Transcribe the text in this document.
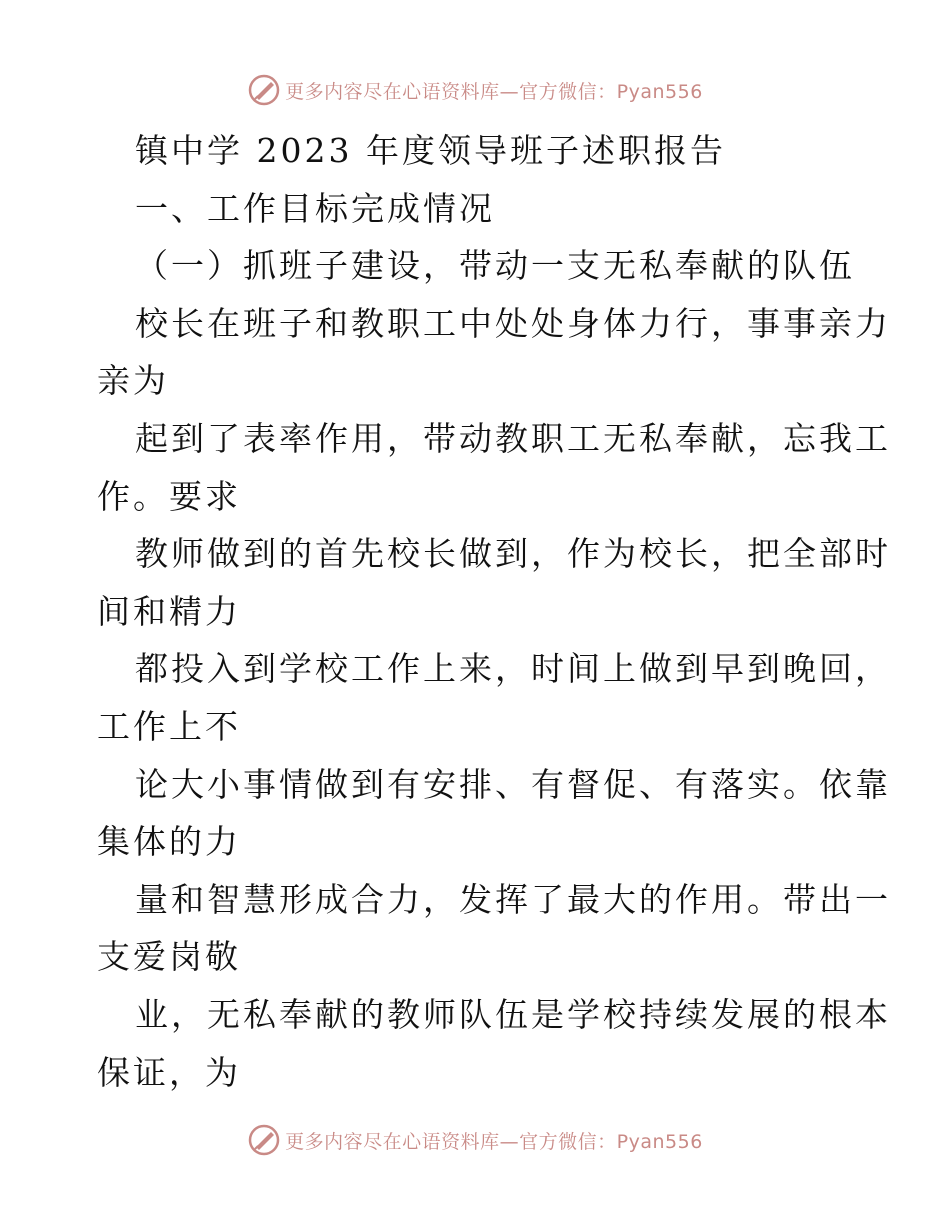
更多内容尽在心语资料库—官方微信：Pyan556
镇中学 2023 年度领导班子述职报告
一、工作目标完成情况
（一）抓班子建设，带动一支无私奉献的队伍
校长在班子和教职工中处处身体力行，事事亲力
亲为
起到了表率作用，带动教职工无私奉献，忘我工
作。要求
教师做到的首先校长做到，作为校长，把全部时
间和精力
都投入到学校工作上来，时间上做到早到晚回，
工作上不
论大小事情做到有安排、有督促、有落实。依靠
集体的力
量和智慧形成合力，发挥了最大的作用。带出一
支爱岗敬
业，无私奉献的教师队伍是学校持续发展的根本
保证，为
更多内容尽在心语资料库—官方微信：Pyan556
